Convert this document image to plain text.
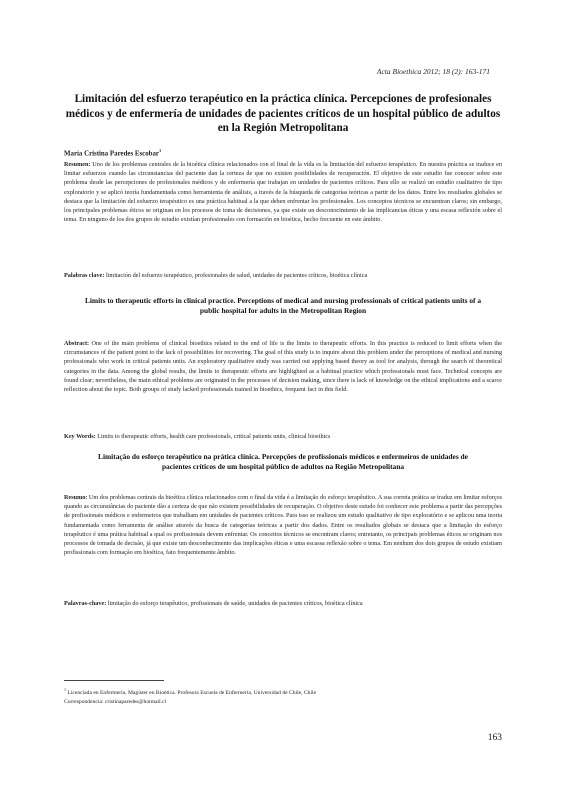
Acta Bioethica 2012; 18 (2): 163-171
Limitación del esfuerzo terapéutico en la práctica clínica. Percepciones de profesionales médicos y de enfermería de unidades de pacientes críticos de un hospital público de adultos en la Región Metropolitana
María Cristina Paredes Escobar$^1$
Resumen: Uno de los problemas centrales de la bioética clínica relacionados con el final de la vida es la limitación del esfuerzo terapéutico. En nuestra práctica se traduce en limitar esfuerzos cuando las circunstancias del paciente dan la certeza de que no existen posibilidades de recuperación. El objetivo de este estudio fue conocer sobre este problema desde las percepciones de profesionales médicos y de enfermería que trabajan en unidades de pacientes críticos. Para ello se realizó un estudio cualitativo de tipo exploratorio y se aplicó teoría fundamentada como herramienta de análisis, a través de la búsqueda de categorías teóricas a partir de los datos. Entre los resultados globales se destaca que la limitación del esfuerzo terapéutico es una práctica habitual a la que deben enfrentar los profesionales. Los conceptos técnicos se encuentran claros; sin embargo, los principales problemas éticos se originan en los procesos de toma de decisiones, ya que existe un desconocimiento de las implicancias éticas y una escasa reflexión sobre el tema. En ninguno de los dos grupos de estudio existían profesionales con formación en bioética, hecho frecuente en este ámbito.
Palabras clave: limitación del esfuerzo terapéutico, profesionales de salud, unidades de pacientes críticos, bioética clínica
Limits to therapeutic efforts in clinical practice. Perceptions of medical and nursing professionals of critical patients units of a public hospital for adults in the Metropolitan Region
Abstract: One of the main problems of clinical bioethics related to the end of life is the limits to therapeutic efforts. In this practice is reduced to limit efforts when the circumstances of the patient point to the lack of possibilities for recovering. The goal of this study is to inquire about this problem under the perceptions of medical and nursing professionals who work in critical patients units. An exploratory qualitative study was carried out applying based theory as tool for analysis, through the search of theoretical categories in the data. Among the global results, the limits to therapeutic efforts are highlighted as a habitual practice which professionals must face. Technical concepts are found clear; nevertheless, the main ethical problems are originated in the processes of decision making, since there is lack of knowledge on the ethical implications and a scarce reflection about the topic. Both groups of study lacked professionals trained in bioethics, frequent fact in this field.
Key Words: Limits to therapeutic efforts, health care professionals, critical patients units, clinical bioethics
Limitação do esforço terapêutico na prática clínica. Percepções de profissionais médicos e enfermeiros de unidades de pacientes críticos de um hospital público de adultos na Região Metropolitana
Resumo: Um dos problemas centrais da bioética clínica relacionados com o final da vida é a limitação do esforço terapêutico. A sua correta prática se traduz em limitar esforços quando as circunstâncias do paciente dão a certeza de que não existem possibilidades de recuperação. O objetivo deste estudo foi conhecer este problema a partir das percepções de profissionais médicos e enfermeiros que trabalham em unidades de pacientes críticos. Para isso se realizou um estudo qualitativo de tipo exploratório e se aplicou uma teoria fundamentada como ferramenta de análise através da busca de categorias teóricas a partir dos dados. Entre os resultados globais se destaca que a limitação do esforço terapêutico é uma prática habitual a qual os profissionais devem enfrentar. Os conceitos técnicos se encontram claros; entretanto, os principais problemas éticos se originam nos processos de tomada de decisão, já que existe um desconhecimento das implicações éticas e uma escassa reflexão sobre o tema. Em nenhum dos dois grupos de estudo existiam profissionais com formação em bioética, fato frequentemente âmbito.
Palavras-chave: limitação do esforço terapêutico, profissionais de saúde, unidades de pacientes críticos, bioética clínica
$^1$ Licenciada en Enfermería, Magíster en Bioética. Profesora Escuela de Enfermería, Universidad de Chile, Chile
Correspondencia: cristinaparedes@hotmail.cl
163
